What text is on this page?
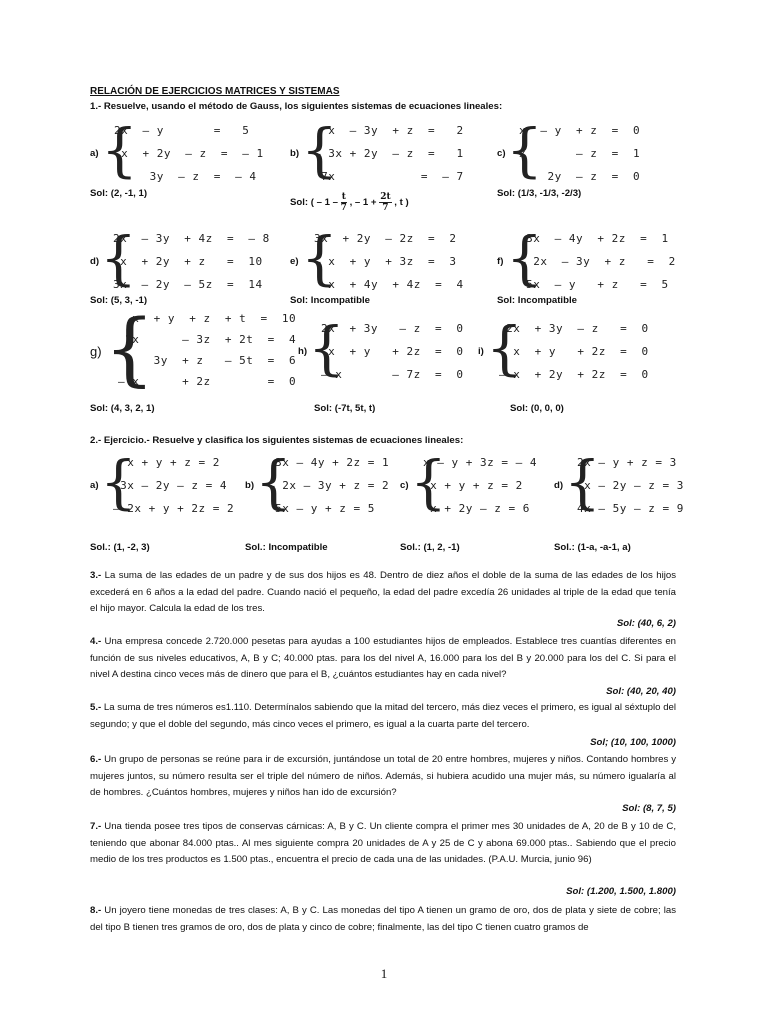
RELACIÓN DE EJERCICIOS MATRICES Y SISTEMAS
1.- Resuelve, usando el método de Gauss, los siguientes sistemas de ecuaciones lineales:
a) {
2x  – y       =   5
x  + 2y  – z  =  – 1
3y  – z  =  – 4
Sol: (2, -1, 1)
b) {
x  – 3y  + z  =   2
– 3x + 2y  – z  =   1
7x            =  – 7
Sol: ( – $1 - \frac{t}{7}$ , – $1 + \frac{2t}{7}$ , t )
c) {
x  – y  + z  =  0
x       – z  =  1
2y  – z  =  0
Sol: (1/3, -1/3, -2/3)
d) {
2x  – 3y  + 4z  =  – 8
x  + 2y  + z   =  10
3x  – 2y  – 5z  =  14
Sol: (5, 3, -1)
e) {
3x  + 2y  – 2z  =  2
– x  + y  + 3z  =  3
x  + 4y  + 4z  =  4
Sol: Incompatible
f) {
3x  – 4y  + 2z  =  1
– 2x  – 3y  + z   =  2
5x  – y   + z   =  5
Sol: Incompatible
g) {
x  + y  + z  + t  =  10
2x      – 3z  + 2t  =  4
3y  + z   – 5t  =  6
– x      + 2z        =  0
Sol: (4, 3, 2, 1)
h) {
2x  + 3y   – z  =  0
x  + y   + 2z  =  0
– x       – 7z  =  0
Sol: (-7t, 5t, t)
i) {
2x  + 3y  – z   =  0
x  + y   + 2z  =  0
– x  + 2y  + 2z  =  0
Sol: (0, 0, 0)
2.- Ejercicio.- Resuelve y clasifica los siguientes sistemas de ecuaciones lineales:
a) {
x + y + z = 2
3x – 2y – z = 4
– 2x + y + 2z = 2
Sol.: (1, -2, 3)
b) {
3x – 4y + 2z = 1
– 2x – 3y + z = 2
5x – y + z = 5
Sol.: Incompatible
c) {
x – y + 3z = – 4
x + y + z = 2
x + 2y – z = 6
Sol.: (1, 2, -1)
d) {
2x – y + z = 3
x – 2y – z = 3
4x – 5y – z = 9
Sol.: (1-a, -a-1, a)
3.- La suma de las edades de un padre y de sus dos hijos es 48. Dentro de diez años el doble de la suma de las edades de los hijos excederá en 6 años a la edad del padre. Cuando nació el pequeño, la edad del padre excedía 26 unidades al triple de la edad que tenía el hijo mayor. Calcula la edad de los tres.
Sol: (40, 6, 2)
4.- Una empresa concede 2.720.000 pesetas para ayudas a 100 estudiantes hijos de empleados. Establece tres cuantías diferentes en función de sus niveles educativos, A, B y C; 40.000 ptas. para los del nivel A, 16.000 para los del B y 20.000 para los del C. Si para el nivel A destina cinco veces más de dinero que para el B, ¿cuántos estudiantes hay en cada nivel?
Sol: (40, 20, 40)
5.- La suma de tres números es1.110. Determínalos sabiendo que la mitad del tercero, más diez veces el primero, es igual al séxtuplo del segundo; y que el doble del segundo, más cinco veces el primero, es igual a la cuarta parte del tercero.
Sol; (10, 100, 1000)
6.- Un grupo de personas se reúne para ir de excursión, juntándose un total de 20 entre hombres, mujeres y niños. Contando hombres y mujeres juntos, su número resulta ser el triple del número de niños. Además, si hubiera acudido una mujer más, su número igualaría al de hombres. ¿Cuántos hombres, mujeres y niños han ido de excursión?
Sol: (8, 7, 5)
7.- Una tienda posee tres tipos de conservas cárnicas: A, B y C. Un cliente compra el primer mes 30 unidades de A, 20 de B y 10 de C, teniendo que abonar 84.000 ptas.. Al mes siguiente compra 20 unidades de A y 25 de C y abona 69.000 ptas.. Sabiendo que el precio medio de los tres productos es 1.500 ptas., encuentra el precio de cada una de las unidades. (P.A.U. Murcia, junio 96)
Sol: (1.200, 1.500, 1.800)
8.- Un joyero tiene monedas de tres clases: A, B y C. Las monedas del tipo A tienen un gramo de oro, dos de plata y siete de cobre; las del tipo B tienen tres gramos de oro, dos de plata y cinco de cobre; finalmente, las del tipo C tienen cuatro gramos de
1
